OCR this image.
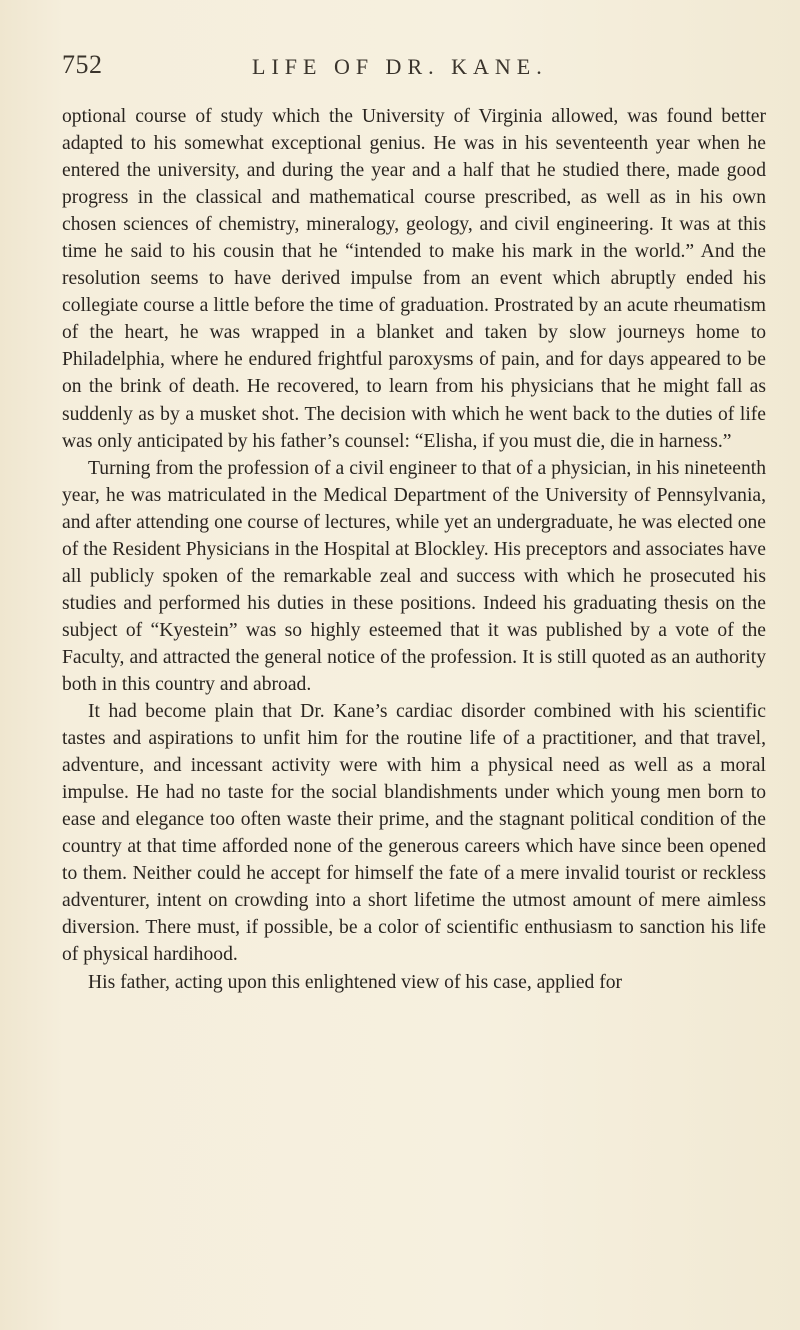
752	LIFE OF DR. KANE.

optional course of study which the University of Virginia allowed, was found better adapted to his somewhat exceptional genius. He was in his seventeenth year when he entered the university, and during the year and a half that he studied there, made good progress in the classical and mathematical course prescribed, as well as in his own chosen sciences of chemistry, mineralogy, geology, and civil engineering. It was at this time he said to his cousin that he “intended to make his mark in the world.” And the resolution seems to have derived impulse from an event which abruptly ended his collegiate course a little before the time of graduation. Prostrated by an acute rheumatism of the heart, he was wrapped in a blanket and taken by slow journeys home to Philadelphia, where he endured frightful paroxysms of pain, and for days appeared to be on the brink of death. He recovered, to learn from his physicians that he might fall as suddenly as by a musket shot. The decision with which he went back to the duties of life was only anticipated by his father’s counsel: “Elisha, if you must die, die in harness.”

Turning from the profession of a civil engineer to that of a physician, in his nineteenth year, he was matriculated in the Medical Department of the University of Pennsylvania, and after attending one course of lectures, while yet an undergraduate, he was elected one of the Resident Physicians in the Hospital at Blockley. His preceptors and associates have all publicly spoken of the remarkable zeal and success with which he prosecuted his studies and performed his duties in these positions. Indeed his graduating thesis on the subject of “Kyestein” was so highly esteemed that it was published by a vote of the Faculty, and attracted the general notice of the profession. It is still quoted as an authority both in this country and abroad.

It had become plain that Dr. Kane’s cardiac disorder combined with his scientific tastes and aspirations to unfit him for the routine life of a practitioner, and that travel, adventure, and incessant activity were with him a physical need as well as a moral impulse. He had no taste for the social blandishments under which young men born to ease and elegance too often waste their prime, and the stagnant political condition of the country at that time afforded none of the generous careers which have since been opened to them. Neither could he accept for himself the fate of a mere invalid tourist or reckless adventurer, intent on crowding into a short lifetime the utmost amount of mere aimless diversion. There must, if possible, be a color of scientific enthusiasm to sanction his life of physical hardihood.

His father, acting upon this enlightened view of his case, applied for
